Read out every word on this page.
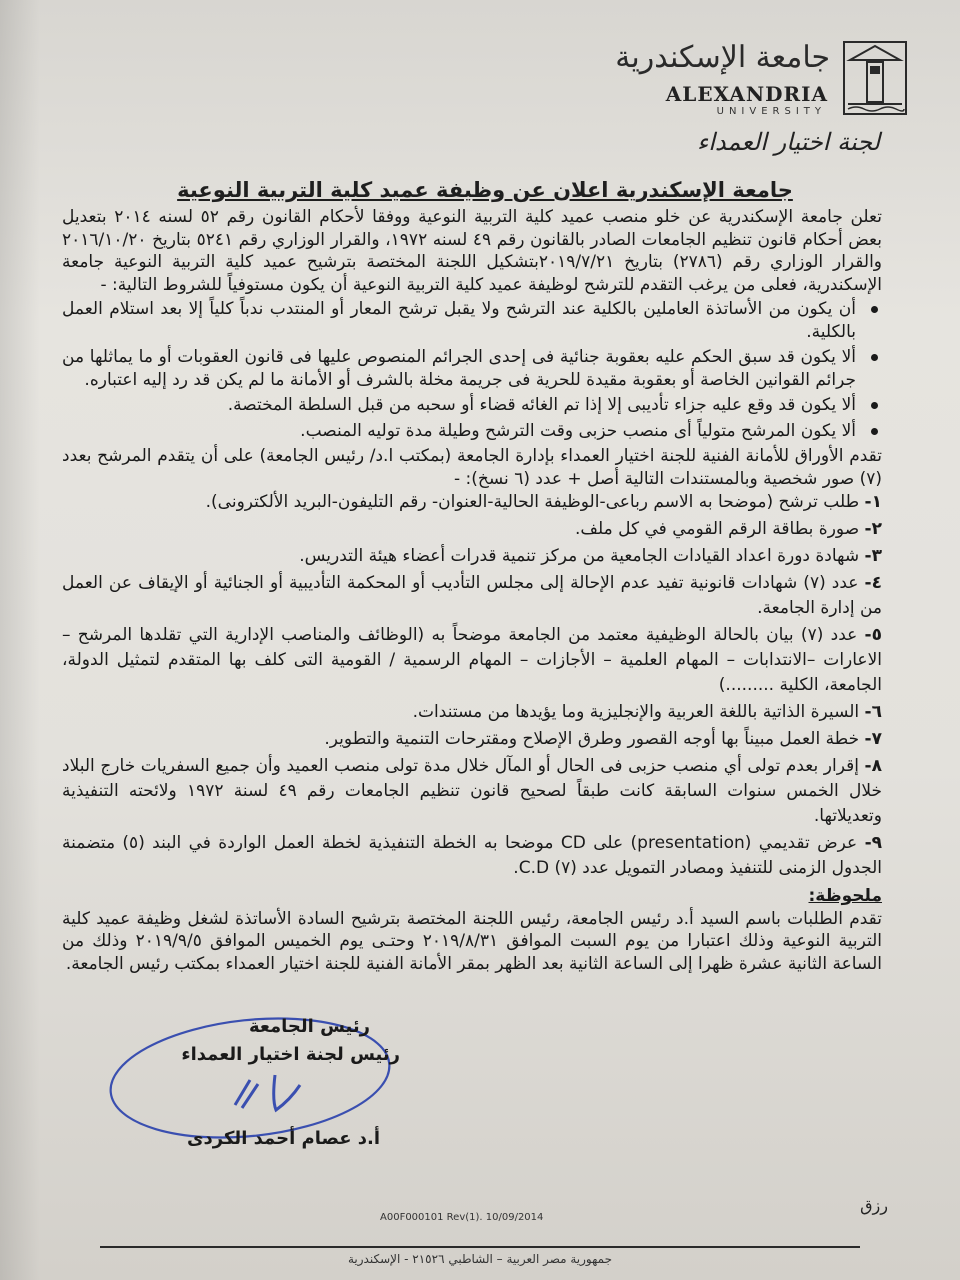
جامعة الإسكندرية
ALEXANDRIA
UNIVERSITY
لجنة اختيار العمداء
جامعة الإسكندرية اعلان عن وظيفة عميد كلية التربية النوعية

تعلن جامعة الإسكندرية عن خلو منصب عميد كلية التربية النوعية ووفقا لأحكام القانون رقم ٥٢ لسنه ٢٠١٤ بتعديل بعض أحكام قانون تنظيم الجامعات الصادر بالقانون رقم ٤٩ لسنه ١٩٧٢، والقرار الوزاري رقم ٥٢٤١ بتاريخ ٢٠١٦/١٠/٢٠ والقرار الوزاري رقم (٢٧٨٦) بتاريخ ٢٠١٩/٧/٢١بتشكيل اللجنة المختصة بترشيح عميد كلية التربية النوعية جامعة الإسكندرية، فعلى من يرغب التقدم للترشح لوظيفة عميد كلية التربية النوعية أن يكون مستوفياً للشروط التالية: -

أن يكون من الأساتذة العاملين بالكلية عند الترشح ولا يقبل ترشح المعار أو المنتدب ندباً كلياً إلا بعد استلام العمل بالكلية.
ألا يكون قد سبق الحكم عليه بعقوبة جنائية فى إحدى الجرائم المنصوص عليها فى قانون العقوبات أو ما يماثلها من جرائم القوانين الخاصة أو بعقوبة مقيدة للحرية فى جريمة مخلة بالشرف أو الأمانة ما لم يكن قد رد إليه اعتباره.
ألا يكون قد وقع عليه جزاء تأديبى إلا إذا تم الغائه قضاء أو سحبه من قبل السلطة المختصة.
ألا يكون المرشح متولياً أى منصب حزبى وقت الترشح وطيلة مدة توليه المنصب.

تقدم الأوراق للأمانة الفنية للجنة اختيار العمداء بإدارة الجامعة (بمكتب ا.د/ رئيس الجامعة) على أن يتقدم المرشح بعدد (٧) صور شخصية وبالمستندات التالية أصل + عدد (٦ نسخ): -

١- طلب ترشح (موضحا به الاسم رباعى-الوظيفة الحالية-العنوان- رقم التليفون-البريد الألكترونى).
٢- صورة بطاقة الرقم القومي في كل ملف.
٣- شهادة دورة اعداد القيادات الجامعية من مركز تنمية قدرات أعضاء هيئة التدريس.
٤- عدد (٧) شهادات قانونية تفيد عدم الإحالة إلى مجلس التأديب أو المحكمة التأديبية أو الجنائية أو الإيقاف عن العمل من إدارة الجامعة.
٥- عدد (٧) بيان بالحالة الوظيفية معتمد من الجامعة موضحاً به (الوظائف والمناصب الإدارية التي تقلدها المرشح – الاعارات –الانتدابات – المهام العلمية – الأجازات – المهام الرسمية / القومية التى كلف بها المتقدم لتمثيل الدولة، الجامعة، الكلية .........)
٦- السيرة الذاتية باللغة العربية والإنجليزية وما يؤيدها من مستندات.
٧- خطة العمل مبيناً بها أوجه القصور وطرق الإصلاح ومقترحات التنمية والتطوير.
٨- إقرار بعدم تولى أي منصب حزبى فى الحال أو المآل خلال مدة تولى منصب العميد وأن جميع السفريات خارج البلاد خلال الخمس سنوات السابقة كانت طبقاً لصحيح قانون تنظيم الجامعات رقم ٤٩ لسنة ١٩٧٢ ولائحته التنفيذية وتعديلاتها.
٩- عرض تقديمي (presentation) على CD موضحا به الخطة التنفيذية لخطة العمل الواردة في البند (٥) متضمنة الجدول الزمنى للتنفيذ ومصادر التمويل عدد (٧) C.D.
ملحوظة:

تقدم الطلبات باسم السيد أ.د رئيس الجامعة، رئيس اللجنة المختصة بترشيح السادة الأساتذة لشغل وظيفة عميد كلية التربية النوعية وذلك اعتبارا من يوم السبت الموافق ٢٠١٩/٨/٣١ وحتـى يوم الخميس الموافق ٢٠١٩/٩/٥ وذلك من الساعة الثانية عشرة ظهرا إلى الساعة الثانية بعد الظهر بمقر الأمانة الفنية للجنة اختيار العمداء بمكتب رئيس الجامعة.

رئيس الجامعة
رئيس لجنة اختيار العمداء
أ.د عصام أحمد الكردى
رزق
A00F000101 Rev(1). 10/09/2014
جمهورية مصر العربية – الشاطبي ٢١٥٢٦ - الإسكندرية
